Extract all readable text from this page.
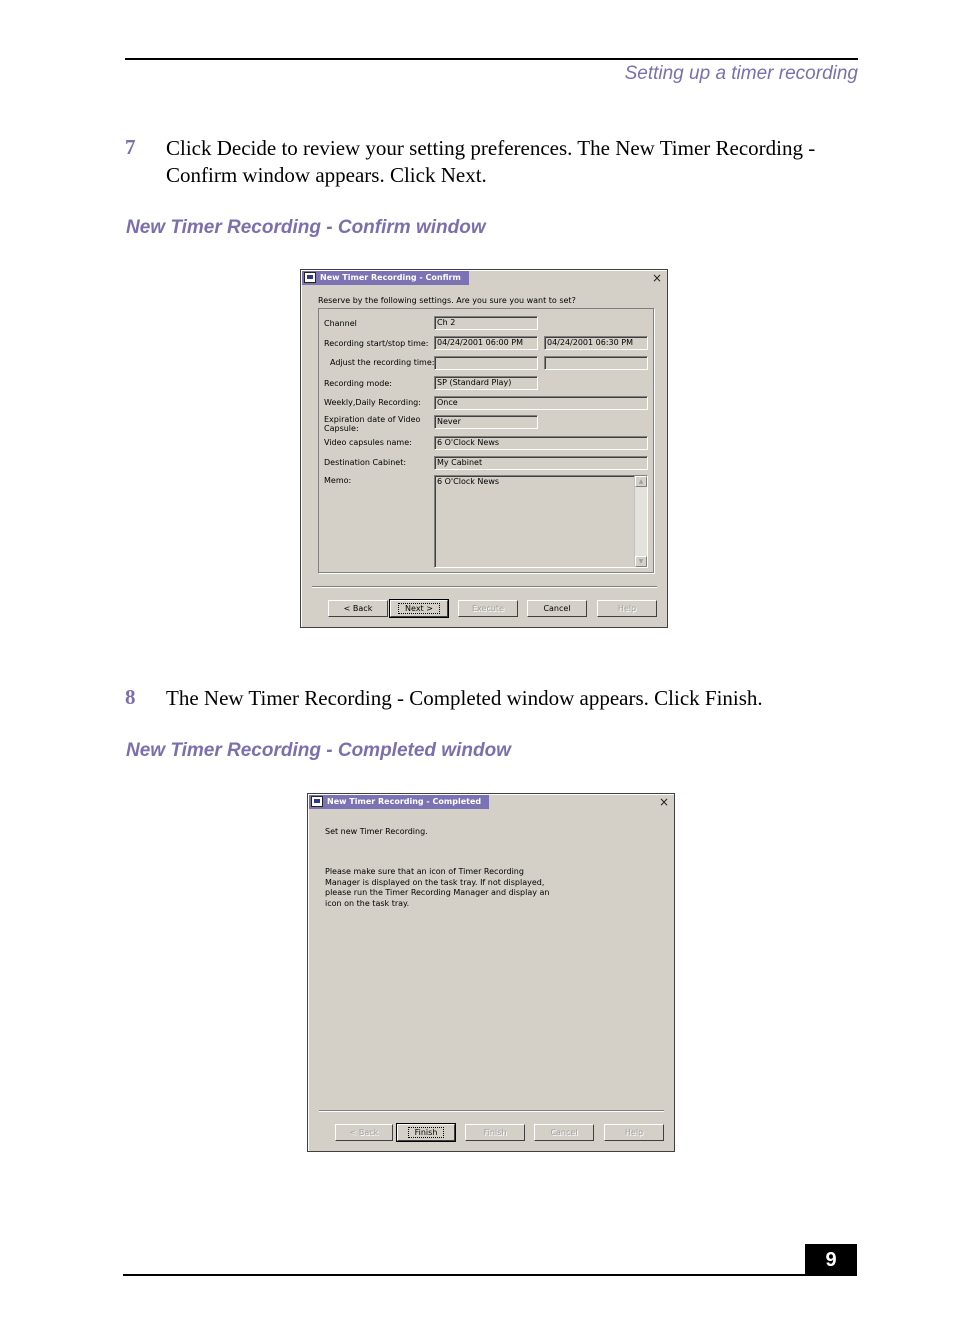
Setting up a timer recording
7 Click Decide to review your setting preferences. The New Timer Recording - Confirm window appears. Click Next.
New Timer Recording - Confirm window
New Timer Recording - Confirm	×
Reserve by the following settings. Are you sure you want to set?
Channel	Ch 2
Recording start/stop time:	04/24/2001 06:00 PM	04/24/2001 06:30 PM
Adjust the recording time:
Recording mode:	SP (Standard Play)
Weekly,Daily Recording:	Once
Expiration date of Video Capsule:
Never
Video capsules name:	6 O'Clock News
Destination Cabinet:	My Cabinet
Memo:	6 O'Clock News	▲
▼
< Back	Next >	Execute	Cancel	Help
8 The New Timer Recording - Completed window appears. Click Finish.
New Timer Recording - Completed window
New Timer Recording - Completed	×
Set new Timer Recording.
Please make sure that an icon of Timer Recording Manager is displayed on the task tray. If not displayed, please run the Timer Recording Manager and display an icon on the task tray.
< Back	Finish	Finish	Cancel	Help
9
